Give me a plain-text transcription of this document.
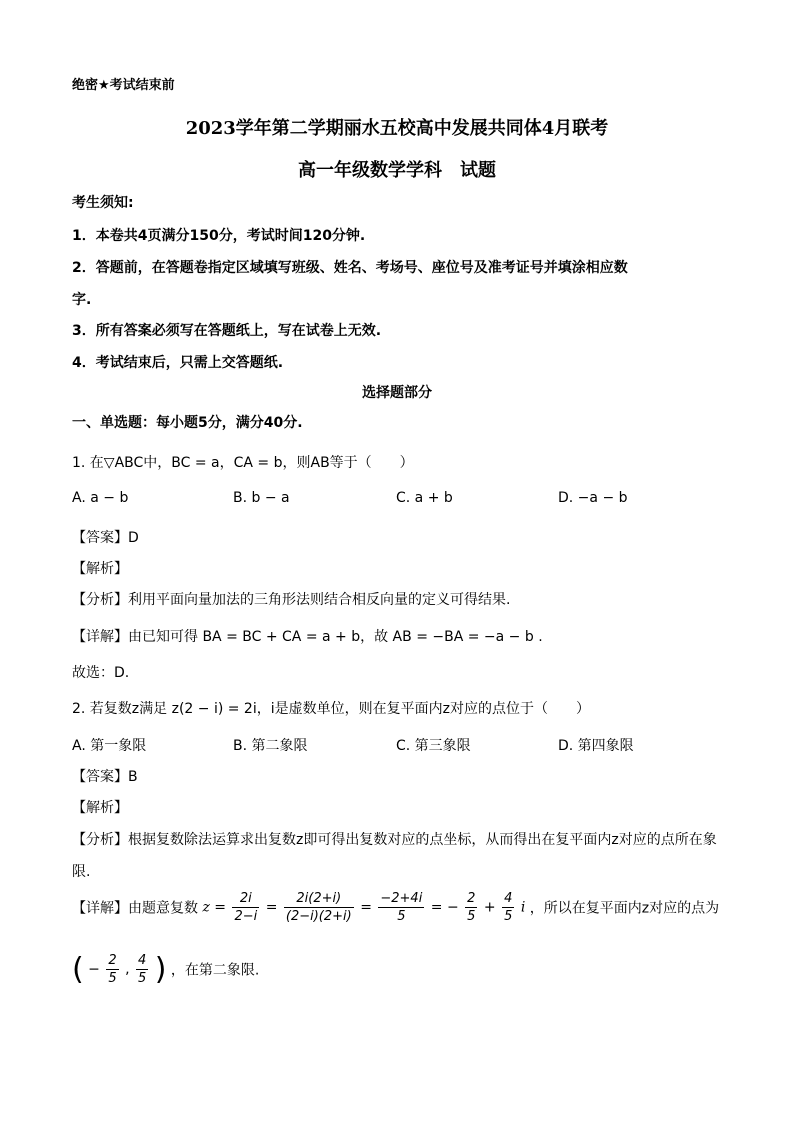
绝密★考试结束前
2023学年第二学期丽水五校高中发展共同体4月联考
高一年级数学学科　试题
考生须知:
1．本卷共4页满分150分，考试时间120分钟.
2．答题前，在答题卷指定区域填写班级、姓名、考场号、座位号及准考证号并填涂相应数
字.
3．所有答案必须写在答题纸上，写在试卷上无效.
4．考试结束后，只需上交答题纸.
选择题部分
一、单选题：每小题5分，满分40分.
1. 在▽ABC中，BC = a，CA = b，则AB等于（　　）
A. a − b	B. b − a	C. a + b	D. −a − b
【答案】D
【解析】
【分析】利用平面向量加法的三角形法则结合相反向量的定义可得结果.
【详解】由已知可得 BA = BC + CA = a + b，故 AB = −BA = −a − b .
故选：D.
2. 若复数z满足 z(2 − i) = 2i，i是虚数单位，则在复平面内z对应的点位于（　　）
A. 第一象限	B. 第二象限	C. 第三象限	D. 第四象限
【答案】B
【解析】
【分析】根据复数除法运算求出复数z即可得出复数对应的点坐标，从而得出在复平面内z对应的点所在象
限.
【详解】由题意复数 $z = \frac{2i}{2-i} = \frac{2i(2+i)}{(2-i)(2+i)} = \frac{-2+4i}{5}$ = − $\frac{2}{5} + \frac{4}{5}$ i ，所以在复平面内z对应的点为
( − $\frac{2}{5}$ , $\frac{4}{5}$ ) ，在第二象限.
